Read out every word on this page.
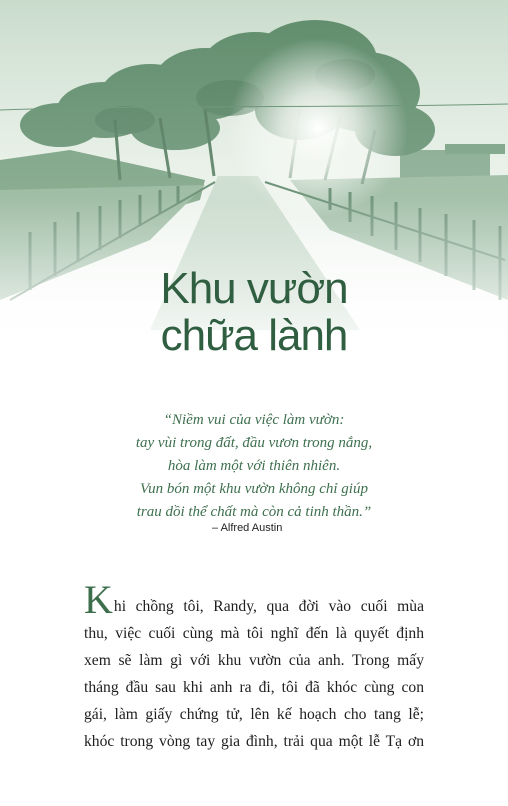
Khu vườn
chữa lành
“Niềm vui của việc làm vườn:
tay vùi trong đất, đầu vươn trong nắng,
hòa làm một với thiên nhiên.
Vun bón một khu vườn không chỉ giúp
trau dồi thể chất mà còn cả tinh thần.”
– Alfred Austin
Khi chồng tôi, Randy, qua đời vào cuối mùa
thu, việc cuối cùng mà tôi nghĩ đến là quyết định
xem sẽ làm gì với khu vườn của anh. Trong mấy
tháng đầu sau khi anh ra đi, tôi đã khóc cùng con
gái, làm giấy chứng tử, lên kế hoạch cho tang lễ;
khóc trong vòng tay gia đình, trải qua một lễ Tạ ơn
